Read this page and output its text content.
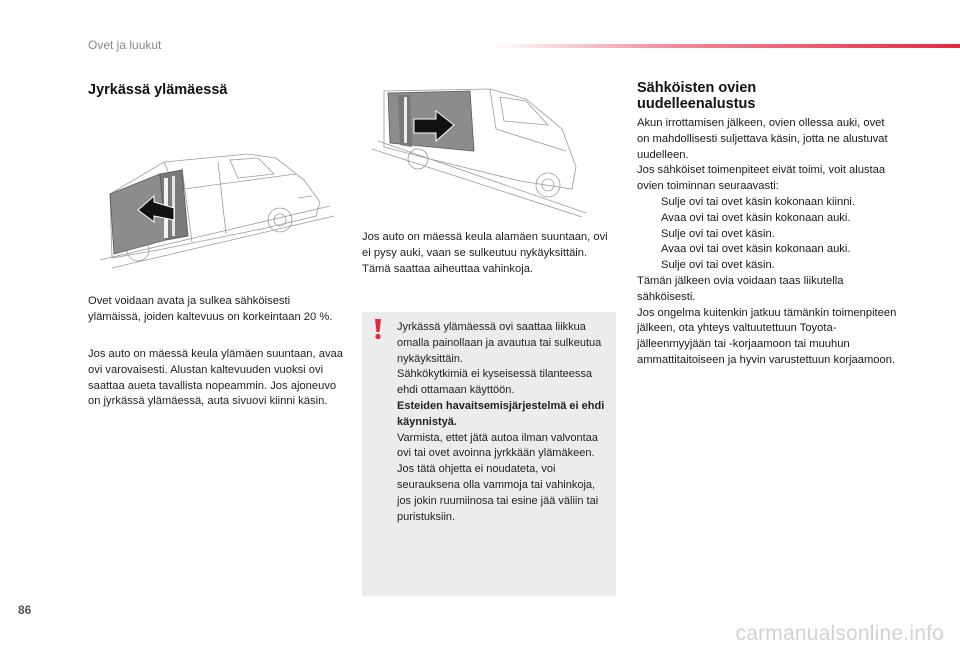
Ovet ja luukut
Jyrkässä ylämäessä

Ovet voidaan avata ja sulkea sähköisesti ylämäissä, joiden kaltevuus on korkeintaan 20 %.

Jos auto on mäessä keula ylämäen suuntaan, avaa ovi varovaisesti. Alustan kaltevuuden vuoksi ovi saattaa aueta tavallista nopeammin. Jos ajoneuvo on jyrkässä ylämäessä, auta sivuovi kiinni käsin.

Jos auto on mäessä keula alamäen suuntaan, ovi ei pysy auki, vaan se sulkeutuu nykäyksittäin. Tämä saattaa aiheuttaa vahinkoja.

Jyrkässä ylämäessä ovi saattaa liikkua omalla painollaan ja avautua tai sulkeutua nykäyksittäin.

Sähkökytkimiä ei kyseisessä tilanteessa ehdi ottamaan käyttöön.

Esteiden havaitsemisjärjestelmä ei ehdi käynnistyä.

Varmista, ettet jätä autoa ilman valvontaa ovi tai ovet avoinna jyrkkään ylämäkeen. Jos tätä ohjetta ei noudateta, voi seurauksena olla vammoja tai vahinkoja, jos jokin ruumiinosa tai esine jää väliin tai puristuksiin.

Sähköisten ovien
uudelleenalustus

Akun irrottamisen jälkeen, ovien ollessa auki, ovet on mahdollisesti suljettava käsin, jotta ne alustuvat uudelleen.

Jos sähköiset toimenpiteet eivät toimi, voit alustaa ovien toiminnan seuraavasti:

Sulje ovi tai ovet käsin kokonaan kiinni.
Avaa ovi tai ovet käsin kokonaan auki.
Sulje ovi tai ovet käsin.
Avaa ovi tai ovet käsin kokonaan auki.
Sulje ovi tai ovet käsin.

Tämän jälkeen ovia voidaan taas liikutella sähköisesti.

Jos ongelma kuitenkin jatkuu tämänkin toimenpiteen jälkeen, ota yhteys valtuutettuun Toyota-jälleenmyyjään tai -korjaamoon tai muuhun ammattitaitoiseen ja hyvin varustettuun korjaamoon.

86
carmanualsonline.info
